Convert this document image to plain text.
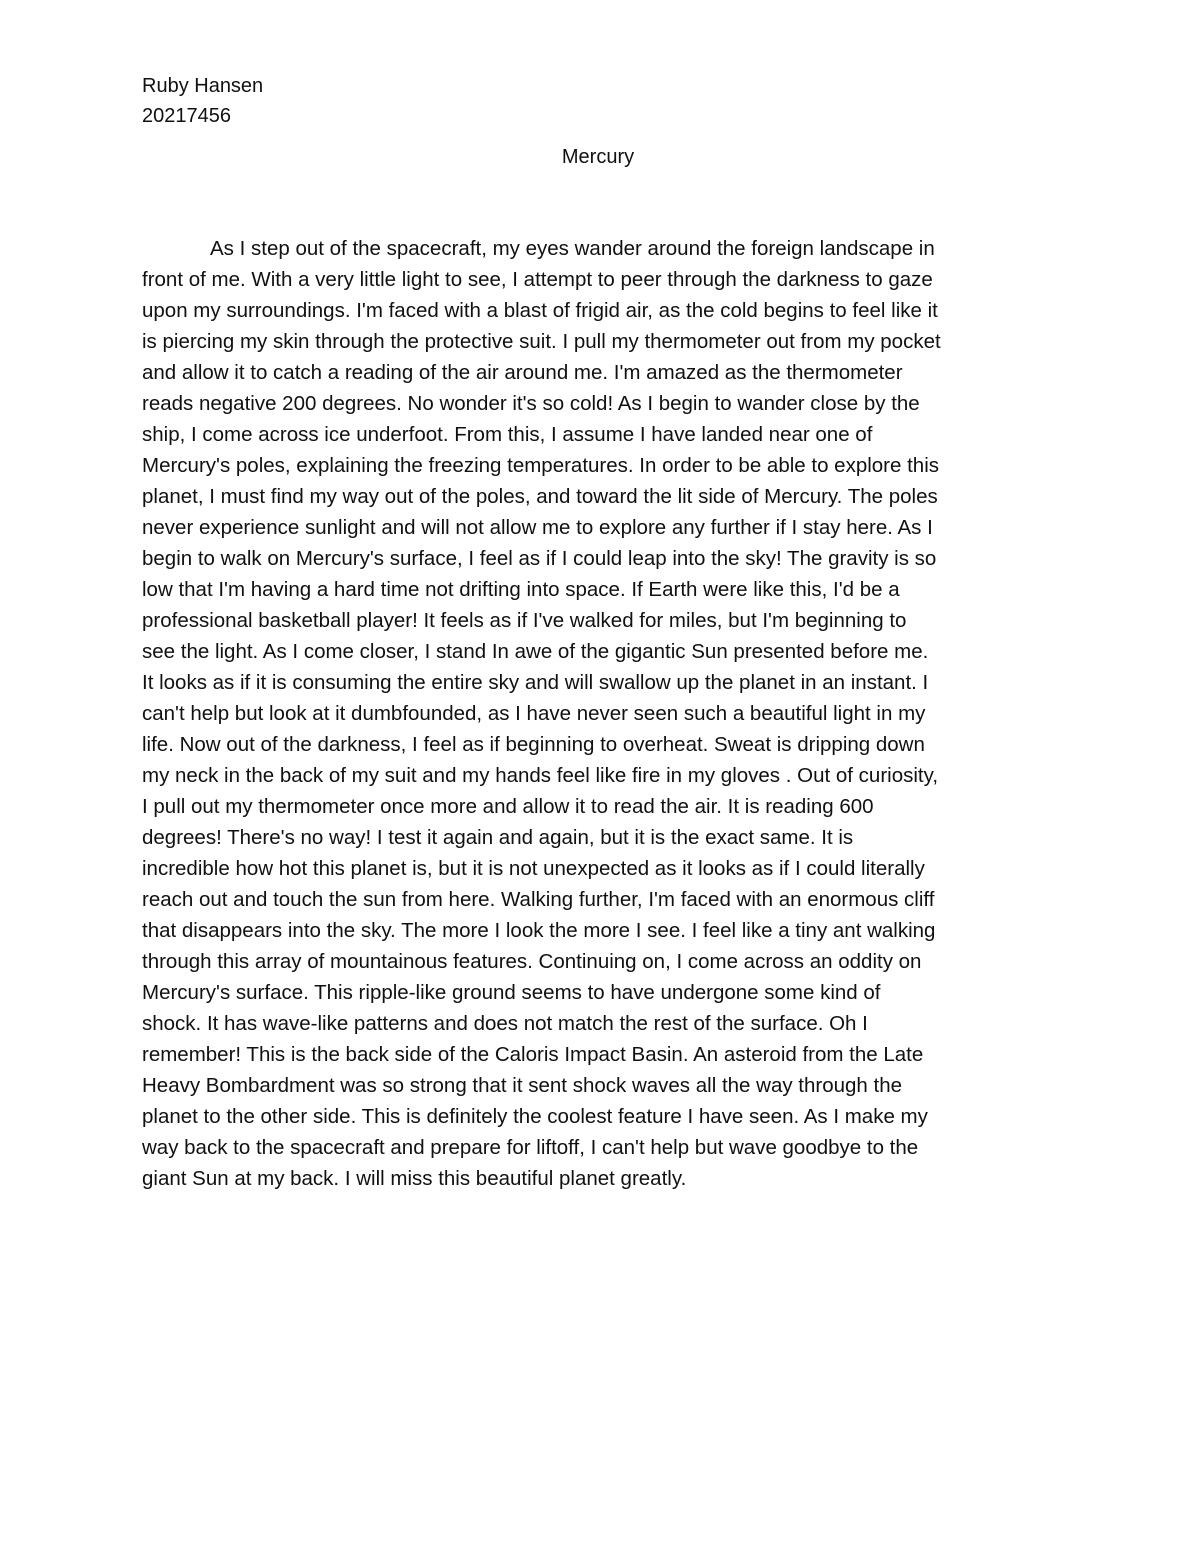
Ruby Hansen
20217456
Mercury
As I step out of the spacecraft, my eyes wander around the foreign landscape in
front of me. With a very little light to see, I attempt to peer through the darkness to gaze
upon my surroundings. I'm faced with a blast of frigid air, as the cold begins to feel like it
is piercing my skin through the protective suit. I pull my thermometer out from my pocket
and allow it to catch a reading of the air around me. I'm amazed as the thermometer
reads negative 200 degrees. No wonder it's so cold! As I begin to wander close by the
ship, I come across ice underfoot. From this, I assume I have landed near one of
Mercury's poles, explaining the freezing temperatures. In order to be able to explore this
planet, I must find my way out of the poles, and toward the lit side of Mercury. The poles
never experience sunlight and will not allow me to explore any further if I stay here. As I
begin to walk on Mercury's surface, I feel as if I could leap into the sky! The gravity is so
low that I'm having a hard time not drifting into space. If Earth were like this, I'd be a
professional basketball player! It feels as if I've walked for miles, but I'm beginning to
see the light. As I come closer, I stand In awe of the gigantic Sun presented before me.
It looks as if it is consuming the entire sky and will swallow up the planet in an instant. I
can't help but look at it dumbfounded, as I have never seen such a beautiful light in my
life. Now out of the darkness, I feel as if beginning to overheat. Sweat is dripping down
my neck in the back of my suit and my hands feel like fire in my gloves . Out of curiosity,
I pull out my thermometer once more and allow it to read the air. It is reading 600
degrees! There's no way! I test it again and again, but it is the exact same. It is
incredible how hot this planet is, but it is not unexpected as it looks as if I could literally
reach out and touch the sun from here. Walking further, I'm faced with an enormous cliff
that disappears into the sky. The more I look the more I see. I feel like a tiny ant walking
through this array of mountainous features. Continuing on, I come across an oddity on
Mercury's surface. This ripple-like ground seems to have undergone some kind of
shock. It has wave-like patterns and does not match the rest of the surface. Oh I
remember! This is the back side of the Caloris Impact Basin. An asteroid from the Late
Heavy Bombardment was so strong that it sent shock waves all the way through the
planet to the other side. This is definitely the coolest feature I have seen. As I make my
way back to the spacecraft and prepare for liftoff, I can't help but wave goodbye to the
giant Sun at my back. I will miss this beautiful planet greatly.
